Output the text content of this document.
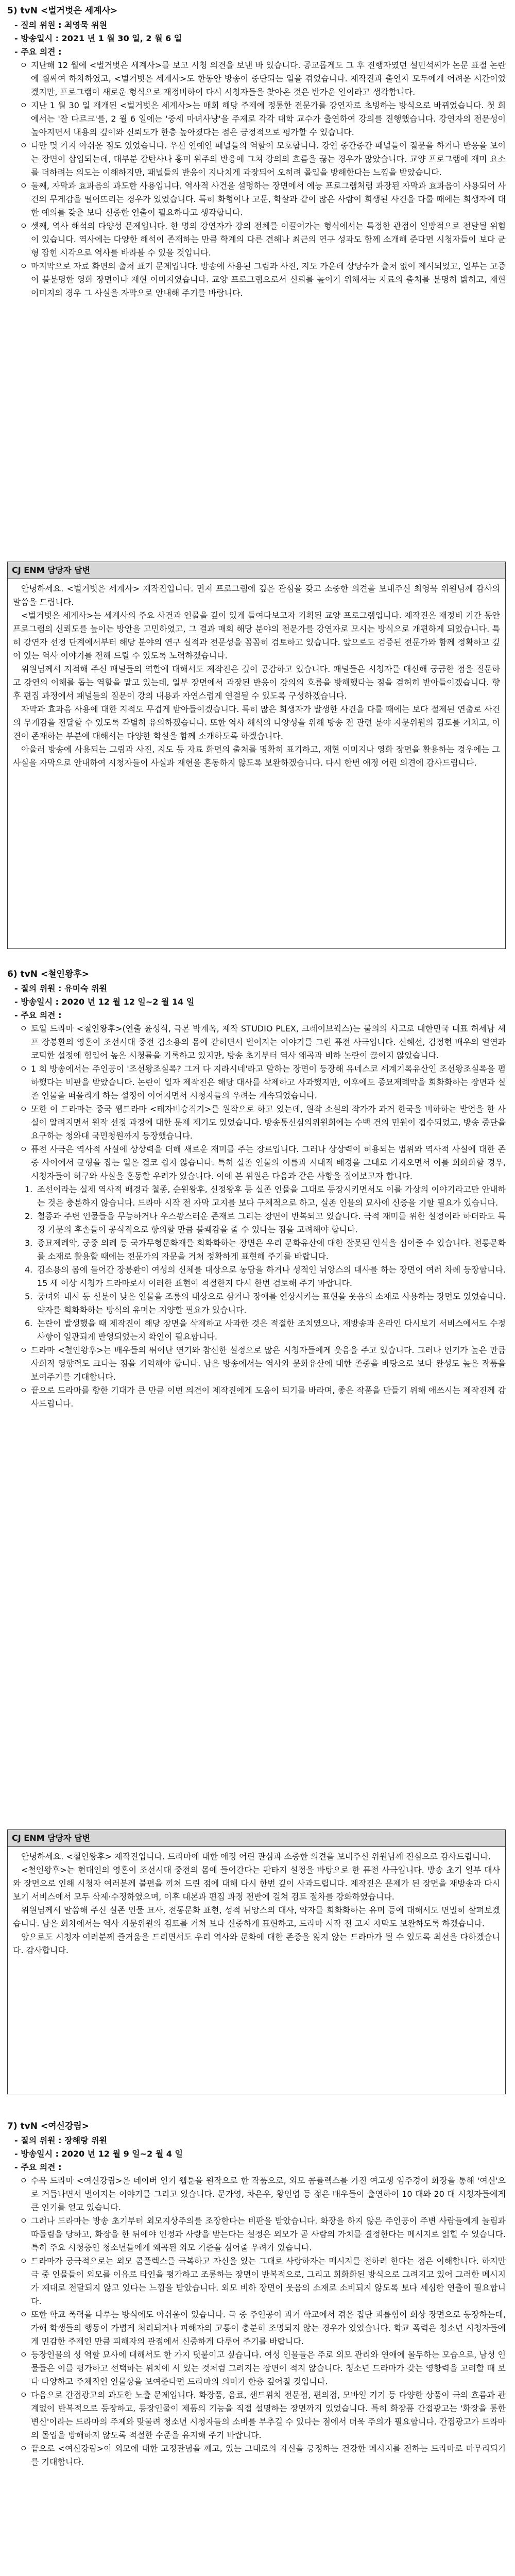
5) tvN <벌거벗은 세계사>
- 질의 위원 : 최영묵 위원
- 방송일시 : 2021 년 1 월 30 일, 2 월 6 일
- 주요 의견 :
ㅇ 지난해 12 월에 <벌거벗은 세계사>를 보고 시청 의견을 보낸 바 있습니다. 공교롭게도 그 후 진행자였던 설민석씨가 논문 표절 논란에 휩싸여 하차하였고, <벌거벗은 세계사>도 한동안 방송이 중단되는 일을 겪었습니다. 제작진과 출연자 모두에게 어려운 시간이었겠지만, 프로그램이 새로운 형식으로 재정비하여 다시 시청자들을 찾아온 것은 반가운 일이라고 생각합니다.
ㅇ 지난 1 월 30 일 재개된 <벌거벗은 세계사>는 매회 해당 주제에 정통한 전문가를 강연자로 초빙하는 방식으로 바뀌었습니다. 첫 회에서는 '잔 다르크'를, 2 월 6 일에는 '중세 마녀사냥'을 주제로 각각 대학 교수가 출연하여 강의를 진행했습니다. 강연자의 전문성이 높아지면서 내용의 깊이와 신뢰도가 한층 높아졌다는 점은 긍정적으로 평가할 수 있습니다.
ㅇ 다만 몇 가지 아쉬운 점도 있었습니다. 우선 연예인 패널들의 역할이 모호합니다. 강연 중간중간 패널들이 질문을 하거나 반응을 보이는 장면이 삽입되는데, 대부분 감탄사나 흥미 위주의 반응에 그쳐 강의의 흐름을 끊는 경우가 많았습니다. 교양 프로그램에 재미 요소를 더하려는 의도는 이해하지만, 패널들의 반응이 지나치게 과장되어 오히려 몰입을 방해한다는 느낌을 받았습니다.
ㅇ 둘째, 자막과 효과음의 과도한 사용입니다. 역사적 사건을 설명하는 장면에서 예능 프로그램처럼 과장된 자막과 효과음이 사용되어 사건의 무게감을 떨어뜨리는 경우가 있었습니다. 특히 화형이나 고문, 학살과 같이 많은 사람이 희생된 사건을 다룰 때에는 희생자에 대한 예의를 갖춘 보다 신중한 연출이 필요하다고 생각합니다.
ㅇ 셋째, 역사 해석의 다양성 문제입니다. 한 명의 강연자가 강의 전체를 이끌어가는 형식에서는 특정한 관점이 일방적으로 전달될 위험이 있습니다. 역사에는 다양한 해석이 존재하는 만큼 학계의 다른 견해나 최근의 연구 성과도 함께 소개해 준다면 시청자들이 보다 균형 잡힌 시각으로 역사를 바라볼 수 있을 것입니다.
ㅇ 마지막으로 자료 화면의 출처 표기 문제입니다. 방송에 사용된 그림과 사진, 지도 가운데 상당수가 출처 없이 제시되었고, 일부는 고증이 불분명한 영화 장면이나 재현 이미지였습니다. 교양 프로그램으로서 신뢰를 높이기 위해서는 자료의 출처를 분명히 밝히고, 재현 이미지의 경우 그 사실을 자막으로 안내해 주기를 바랍니다.
CJ ENM 담당자 답변

안녕하세요. <벌거벗은 세계사> 제작진입니다. 먼저 프로그램에 깊은 관심을 갖고 소중한 의견을 보내주신 최영묵 위원님께 감사의 말씀을 드립니다.

<벌거벗은 세계사>는 세계사의 주요 사건과 인물을 깊이 있게 들여다보고자 기획된 교양 프로그램입니다. 제작진은 재정비 기간 동안 프로그램의 신뢰도를 높이는 방안을 고민하였고, 그 결과 매회 해당 분야의 전문가를 강연자로 모시는 방식으로 개편하게 되었습니다. 특히 강연자 선정 단계에서부터 해당 분야의 연구 실적과 전문성을 꼼꼼히 검토하고 있습니다. 앞으로도 검증된 전문가와 함께 정확하고 깊이 있는 역사 이야기를 전해 드릴 수 있도록 노력하겠습니다.

위원님께서 지적해 주신 패널들의 역할에 대해서도 제작진은 깊이 공감하고 있습니다. 패널들은 시청자를 대신해 궁금한 점을 질문하고 강연의 이해를 돕는 역할을 맡고 있는데, 일부 장면에서 과장된 반응이 강의의 흐름을 방해했다는 점을 겸허히 받아들이겠습니다. 향후 편집 과정에서 패널들의 질문이 강의 내용과 자연스럽게 연결될 수 있도록 구성하겠습니다.

자막과 효과음 사용에 대한 지적도 무겁게 받아들이겠습니다. 특히 많은 희생자가 발생한 사건을 다룰 때에는 보다 절제된 연출로 사건의 무게감을 전달할 수 있도록 각별히 유의하겠습니다. 또한 역사 해석의 다양성을 위해 방송 전 관련 분야 자문위원의 검토를 거치고, 이견이 존재하는 부분에 대해서는 다양한 학설을 함께 소개하도록 하겠습니다.

아울러 방송에 사용되는 그림과 사진, 지도 등 자료 화면의 출처를 명확히 표기하고, 재현 이미지나 영화 장면을 활용하는 경우에는 그 사실을 자막으로 안내하여 시청자들이 사실과 재현을 혼동하지 않도록 보완하겠습니다. 다시 한번 애정 어린 의견에 감사드립니다.

6) tvN <철인왕후>
- 질의 위원 : 유미숙 위원
- 방송일시 : 2020 년 12 월 12 일~2 월 14 일
- 주요 의견 :
ㅇ 토일 드라마 <철인왕후>(연출 윤성식, 극본 박계옥, 제작 STUDIO PLEX, 크레이브웍스)는 불의의 사고로 대한민국 대표 허세남 셰프 장봉환의 영혼이 조선시대 중전 김소용의 몸에 갇히면서 벌어지는 이야기를 그린 퓨전 사극입니다. 신혜선, 김정현 배우의 열연과 코믹한 설정에 힘입어 높은 시청률을 기록하고 있지만, 방송 초기부터 역사 왜곡과 비하 논란이 끊이지 않았습니다.
ㅇ 1 회 방송에서는 주인공이 '조선왕조실록? 그거 다 지라시네'라고 말하는 장면이 등장해 유네스코 세계기록유산인 조선왕조실록을 폄하했다는 비판을 받았습니다. 논란이 일자 제작진은 해당 대사를 삭제하고 사과했지만, 이후에도 종묘제례악을 희화화하는 장면과 실존 인물을 떠올리게 하는 설정이 이어지면서 시청자들의 우려는 계속되었습니다.
ㅇ 또한 이 드라마는 중국 웹드라마 <태자비승직기>를 원작으로 하고 있는데, 원작 소설의 작가가 과거 한국을 비하하는 발언을 한 사실이 알려지면서 원작 선정 과정에 대한 문제 제기도 있었습니다. 방송통신심의위원회에는 수백 건의 민원이 접수되었고, 방송 중단을 요구하는 청와대 국민청원까지 등장했습니다.
ㅇ 퓨전 사극은 역사적 사실에 상상력을 더해 새로운 재미를 주는 장르입니다. 그러나 상상력이 허용되는 범위와 역사적 사실에 대한 존중 사이에서 균형을 잡는 일은 결코 쉽지 않습니다. 특히 실존 인물의 이름과 시대적 배경을 그대로 가져오면서 이를 희화화할 경우, 시청자들이 허구와 사실을 혼동할 우려가 있습니다. 이에 본 위원은 다음과 같은 사항을 짚어보고자 합니다.
1. 조선이라는 실제 역사적 배경과 철종, 순원왕후, 신정왕후 등 실존 인물을 그대로 등장시키면서도 이를 가상의 이야기라고만 안내하는 것은 충분하지 않습니다. 드라마 시작 전 자막 고지를 보다 구체적으로 하고, 실존 인물의 묘사에 신중을 기할 필요가 있습니다.
2. 철종과 주변 인물들을 무능하거나 우스꽝스러운 존재로 그리는 장면이 반복되고 있습니다. 극적 재미를 위한 설정이라 하더라도 특정 가문의 후손들이 공식적으로 항의할 만큼 불쾌감을 줄 수 있다는 점을 고려해야 합니다.
3. 종묘제례악, 궁중 의례 등 국가무형문화재를 희화화하는 장면은 우리 문화유산에 대한 잘못된 인식을 심어줄 수 있습니다. 전통문화를 소재로 활용할 때에는 전문가의 자문을 거쳐 정확하게 표현해 주기를 바랍니다.
4. 김소용의 몸에 들어간 장봉환이 여성의 신체를 대상으로 농담을 하거나 성적인 뉘앙스의 대사를 하는 장면이 여러 차례 등장합니다. 15 세 이상 시청가 드라마로서 이러한 표현이 적절한지 다시 한번 검토해 주기 바랍니다.
5. 궁녀와 내시 등 신분이 낮은 인물을 조롱의 대상으로 삼거나 장애를 연상시키는 표현을 웃음의 소재로 사용하는 장면도 있었습니다. 약자를 희화화하는 방식의 유머는 지양할 필요가 있습니다.
6. 논란이 발생했을 때 제작진이 해당 장면을 삭제하고 사과한 것은 적절한 조치였으나, 재방송과 온라인 다시보기 서비스에서도 수정 사항이 일관되게 반영되었는지 확인이 필요합니다.
ㅇ 드라마 <철인왕후>는 배우들의 뛰어난 연기와 참신한 설정으로 많은 시청자들에게 웃음을 주고 있습니다. 그러나 인기가 높은 만큼 사회적 영향력도 크다는 점을 기억해야 합니다. 남은 방송에서는 역사와 문화유산에 대한 존중을 바탕으로 보다 완성도 높은 작품을 보여주기를 기대합니다.
ㅇ 끝으로 드라마를 향한 기대가 큰 만큼 이번 의견이 제작진에게 도움이 되기를 바라며, 좋은 작품을 만들기 위해 애쓰시는 제작진께 감사드립니다.
CJ ENM 담당자 답변

안녕하세요. <철인왕후> 제작진입니다. 드라마에 대한 애정 어린 관심과 소중한 의견을 보내주신 위원님께 진심으로 감사드립니다.

<철인왕후>는 현대인의 영혼이 조선시대 중전의 몸에 들어간다는 판타지 설정을 바탕으로 한 퓨전 사극입니다. 방송 초기 일부 대사와 장면으로 인해 시청자 여러분께 불편을 끼쳐 드린 점에 대해 다시 한번 깊이 사과드립니다. 제작진은 문제가 된 장면을 재방송과 다시보기 서비스에서 모두 삭제·수정하였으며, 이후 대본과 편집 과정 전반에 걸쳐 검토 절차를 강화하였습니다.

위원님께서 말씀해 주신 실존 인물 묘사, 전통문화 표현, 성적 뉘앙스의 대사, 약자를 희화화하는 유머 등에 대해서도 면밀히 살펴보겠습니다. 남은 회차에서는 역사 자문위원의 검토를 거쳐 보다 신중하게 표현하고, 드라마 시작 전 고지 자막도 보완하도록 하겠습니다.

앞으로도 시청자 여러분께 즐거움을 드리면서도 우리 역사와 문화에 대한 존중을 잃지 않는 드라마가 될 수 있도록 최선을 다하겠습니다. 감사합니다.

7) tvN <여신강림>
- 질의 위원 : 장해랑 위원
- 방송일시 : 2020 년 12 월 9 일~2 월 4 일
- 주요 의견 :
ㅇ 수목 드라마 <여신강림>은 네이버 인기 웹툰을 원작으로 한 작품으로, 외모 콤플렉스를 가진 여고생 임주경이 화장을 통해 '여신'으로 거듭나면서 벌어지는 이야기를 그리고 있습니다. 문가영, 차은우, 황인엽 등 젊은 배우들이 출연하여 10 대와 20 대 시청자들에게 큰 인기를 얻고 있습니다.
ㅇ 그러나 드라마는 방송 초기부터 외모지상주의를 조장한다는 비판을 받았습니다. 화장을 하지 않은 주인공이 주변 사람들에게 놀림과 따돌림을 당하고, 화장을 한 뒤에야 인정과 사랑을 받는다는 설정은 외모가 곧 사람의 가치를 결정한다는 메시지로 읽힐 수 있습니다. 특히 주요 시청층인 청소년들에게 왜곡된 외모 기준을 심어줄 우려가 있습니다.
ㅇ 드라마가 궁극적으로는 외모 콤플렉스를 극복하고 자신을 있는 그대로 사랑하자는 메시지를 전하려 한다는 점은 이해합니다. 하지만 극 중 인물들이 외모를 이유로 타인을 평가하고 조롱하는 장면이 반복적으로, 그리고 희화화된 방식으로 그려지고 있어 그러한 메시지가 제대로 전달되지 않고 있다는 느낌을 받았습니다. 외모 비하 장면이 웃음의 소재로 소비되지 않도록 보다 세심한 연출이 필요합니다.
ㅇ 또한 학교 폭력을 다루는 방식에도 아쉬움이 있습니다. 극 중 주인공이 과거 학교에서 겪은 집단 괴롭힘이 회상 장면으로 등장하는데, 가해 학생들의 행동이 가볍게 처리되거나 피해자의 고통이 충분히 조명되지 않는 경우가 있었습니다. 학교 폭력은 청소년 시청자들에게 민감한 주제인 만큼 피해자의 관점에서 신중하게 다루어 주기를 바랍니다.
ㅇ 등장인물의 성 역할 묘사에 대해서도 한 가지 덧붙이고 싶습니다. 여성 인물들은 주로 외모 관리와 연애에 몰두하는 모습으로, 남성 인물들은 이를 평가하고 선택하는 위치에 서 있는 것처럼 그려지는 장면이 적지 않습니다. 청소년 드라마가 갖는 영향력을 고려할 때 보다 다양하고 주체적인 인물상을 보여준다면 드라마의 의미가 한층 깊어질 것입니다.
ㅇ 다음으로 간접광고의 과도한 노출 문제입니다. 화장품, 음료, 샌드위치 전문점, 편의점, 모바일 기기 등 다양한 상품이 극의 흐름과 관계없이 반복적으로 등장하고, 등장인물이 제품의 기능을 직접 설명하는 장면까지 있었습니다. 특히 화장품 간접광고는 '화장을 통한 변신'이라는 드라마의 주제와 맞물려 청소년 시청자들의 소비를 부추길 수 있다는 점에서 더욱 주의가 필요합니다. 간접광고가 드라마의 몰입을 방해하지 않도록 적절한 수준을 유지해 주기 바랍니다.
ㅇ 끝으로 <여신강림>이 외모에 대한 고정관념을 깨고, 있는 그대로의 자신을 긍정하는 건강한 메시지를 전하는 드라마로 마무리되기를 기대합니다.
